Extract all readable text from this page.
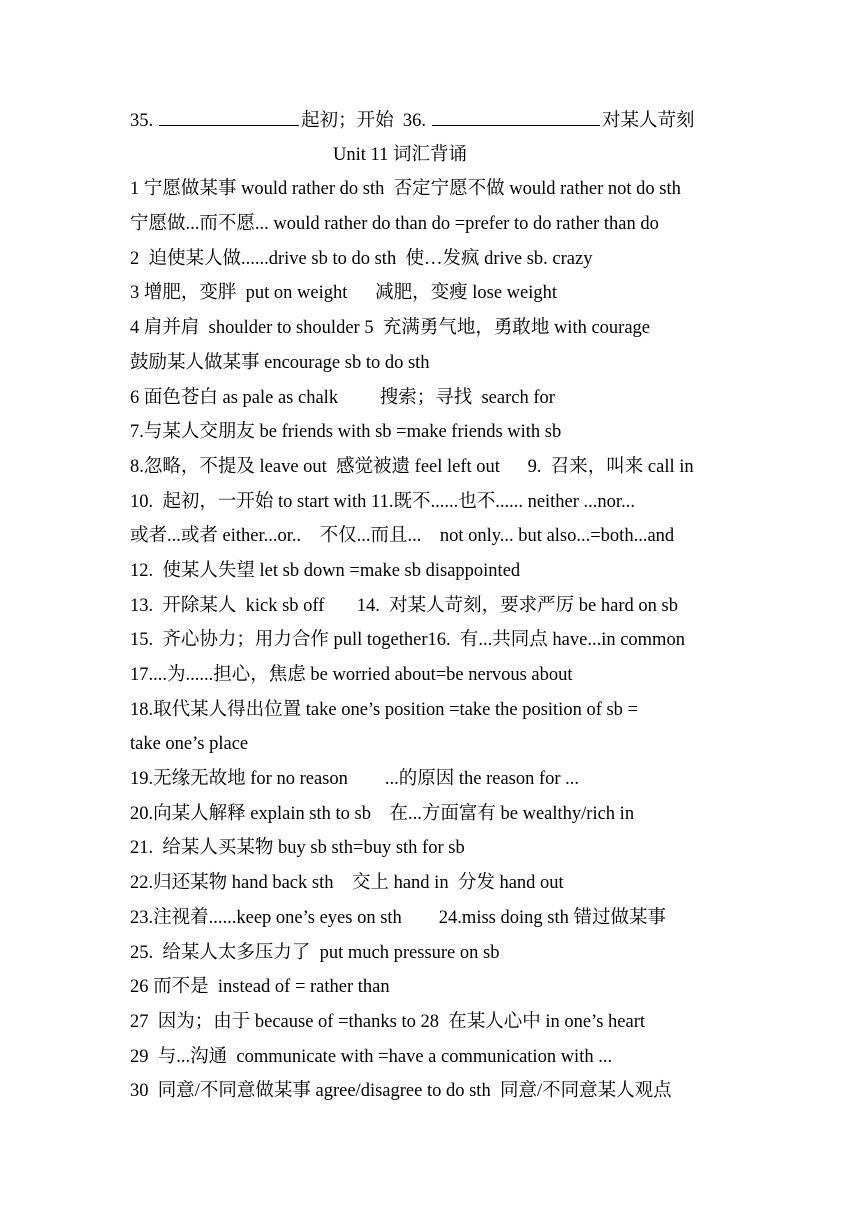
35.	起初；开始 36.	对某人苛刻
Unit 11 词汇背诵
1 宁愿做某事 would rather do sth  否定宁愿不做 would rather not do sth
宁愿做...而不愿... would rather do than do =prefer to do rather than do
2  迫使某人做......drive sb to do sth  使…发疯 drive sb. crazy
3 增肥，变胖  put on weight      减肥，变瘦 lose weight
4 肩并肩  shoulder to shoulder 5  充满勇气地，勇敢地 with courage
鼓励某人做某事 encourage sb to do sth
6 面色苍白 as pale as chalk         搜索；寻找  search for
7.与某人交朋友 be friends with sb =make friends with sb
8.忽略，不提及 leave out  感觉被遗 feel left out      9.  召来，叫来 call in
10.  起初，一开始 to start with 11.既不......也不...... neither ...nor...
或者...或者 either...or..    不仅...而且...    not only... but also...=both...and
12.  使某人失望 let sb down =make sb disappointed
13.  开除某人  kick sb off       14.  对某人苛刻，要求严厉 be hard on sb
15.  齐心协力；用力合作 pull together16.  有...共同点 have...in common
17....为......担心，焦虑 be worried about=be nervous about
18.取代某人得出位置 take one’s position =take the position of sb =
take one’s place
19.无缘无故地 for no reason        ...的原因 the reason for ...
20.向某人解释 explain sth to sb    在...方面富有 be wealthy/rich in
21.  给某人买某物 buy sb sth=buy sth for sb
22.归还某物 hand back sth    交上 hand in  分发 hand out
23.注视着......keep one’s eyes on sth        24.miss doing sth 错过做某事
25.  给某人太多压力了  put much pressure on sb
26 而不是  instead of = rather than
27  因为；由于 because of =thanks to 28  在某人心中 in one’s heart
29  与...沟通  communicate with =have a communication with ...
30  同意/不同意做某事 agree/disagree to do sth  同意/不同意某人观点
